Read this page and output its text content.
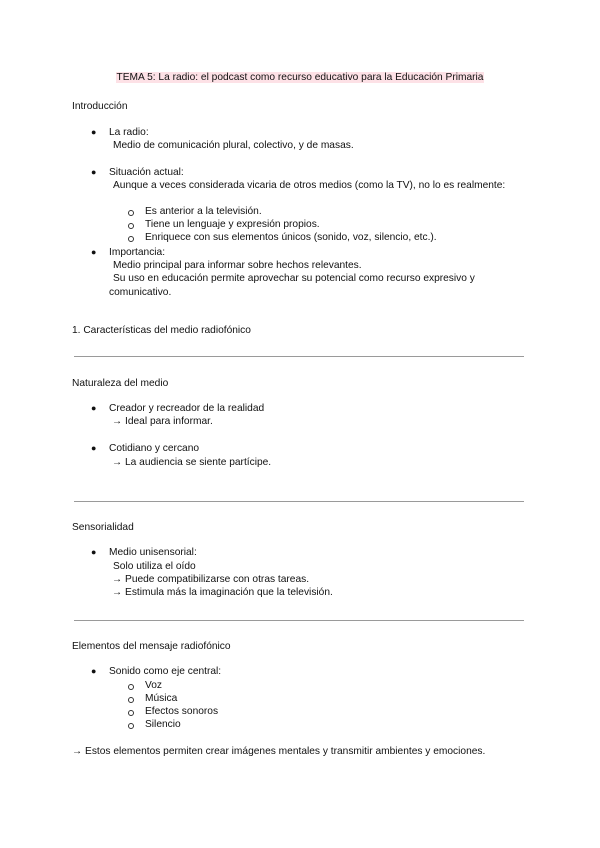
TEMA 5: La radio: el podcast como recurso educativo para la Educación Primaria
Introducción
● La radio:
Medio de comunicación plural, colectivo, y de masas.
● Situación actual:
Aunque a veces considerada vicaria de otros medios (como la TV), no lo es realmente:
Es anterior a la televisión.
Tiene un lenguaje y expresión propios.
Enriquece con sus elementos únicos (sonido, voz, silencio, etc.).
● Importancia:
Medio principal para informar sobre hechos relevantes.
Su uso en educación permite aprovechar su potencial como recurso expresivo y
comunicativo.
1. Características del medio radiofónico
Naturaleza del medio
● Creador y recreador de la realidad
→ Ideal para informar.
● Cotidiano y cercano
→ La audiencia se siente partícipe.
Sensorialidad
● Medio unisensorial:
Solo utiliza el oído
→ Puede compatibilizarse con otras tareas.
→ Estimula más la imaginación que la televisión.
Elementos del mensaje radiofónico
● Sonido como eje central:
Voz
Música
Efectos sonoros
Silencio
→ Estos elementos permiten crear imágenes mentales y transmitir ambientes y emociones.
